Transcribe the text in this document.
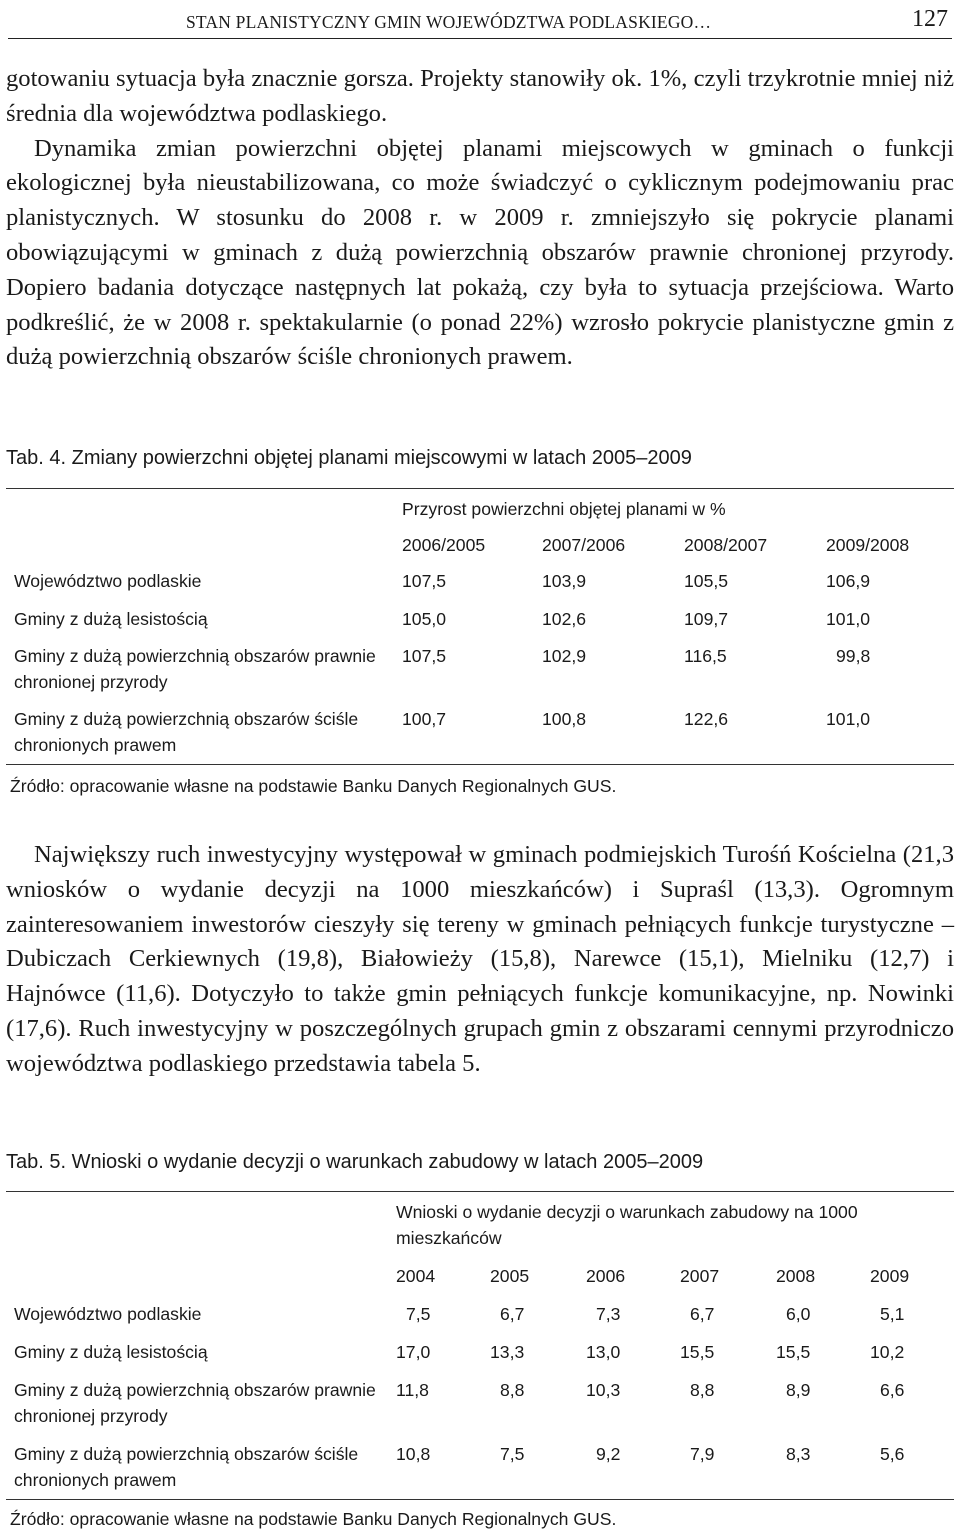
STAN PLANISTYCZNY GMIN WOJEWÓDZTWA PODLASKIEGO…	127

gotowaniu sytuacja była znacznie gorsza. Projekty stanowiły ok. 1%, czyli trzykrotnie mniej niż średnia dla województwa podlaskiego.

Dynamika zmian powierzchni objętej planami miejscowych w gminach o funkcji ekologicznej była nieustabilizowana, co może świadczyć o cyklicznym podejmowaniu prac planistycznych. W stosunku do 2008 r. w 2009 r. zmniejszyło się pokrycie planami obowiązującymi w gminach z dużą powierzchnią obszarów prawnie chronionej przyrody. Dopiero badania dotyczące następnych lat pokażą, czy była to sytuacja przejściowa. Warto podkreślić, że w 2008 r. spektakularnie (o ponad 22%) wzrosło pokrycie planistyczne gmin z dużą powierzchnią obszarów ściśle chronionych prawem.

Tab. 4. Zmiany powierzchni objętej planami miejscowymi w latach 2005–2009
Przyrost powierzchni objętej planami w %
2006/2005	2007/2006	2008/2007	2009/2008
Województwo podlaskie	107,5	103,9	105,5	106,9
Gminy z dużą lesistością	105,0	102,6	109,7	101,0
Gminy z dużą powierzchnią obszarów prawnie chronionej przyrody
107,5	102,9	116,5	99,8
Gminy z dużą powierzchnią obszarów ściśle chronionych prawem
100,7	100,8	122,6	101,0
Źródło: opracowanie własne na podstawie Banku Danych Regionalnych GUS.

Największy ruch inwestycyjny występował w gminach podmiejskich Turośń Kościelna (21,3 wniosków o wydanie decyzji na 1000 mieszkańców) i Supraśl (13,3). Ogromnym zainteresowaniem inwestorów cieszyły się tereny w gminach pełniących funkcje turystyczne – Dubiczach Cerkiewnych (19,8), Białowieży (15,8), Narewce (15,1), Mielniku (12,7) i Hajnówce (11,6). Dotyczyło to także gmin pełniących funkcje komunikacyjne, np. Nowinki (17,6). Ruch inwestycyjny w poszczególnych grupach gmin z obszarami cennymi przyrodniczo województwa podlaskiego przedstawia tabela 5.

Tab. 5. Wnioski o wydanie decyzji o warunkach zabudowy w latach 2005–2009
Wnioski o wydanie decyzji o warunkach zabudowy na 1000 mieszkańców
2004	2005	2006	2007	2008	2009
Województwo podlaskie	7,5	6,7	7,3	6,7	6,0	5,1
Gminy z dużą lesistością	17,0	13,3	13,0	15,5	15,5	10,2
Gminy z dużą powierzchnią obszarów prawnie chronionej przyrody
11,8	8,8	10,3	8,8	8,9	6,6
Gminy z dużą powierzchnią obszarów ściśle chronionych prawem
10,8	7,5	9,2	7,9	8,3	5,6
Źródło: opracowanie własne na podstawie Banku Danych Regionalnych GUS.
